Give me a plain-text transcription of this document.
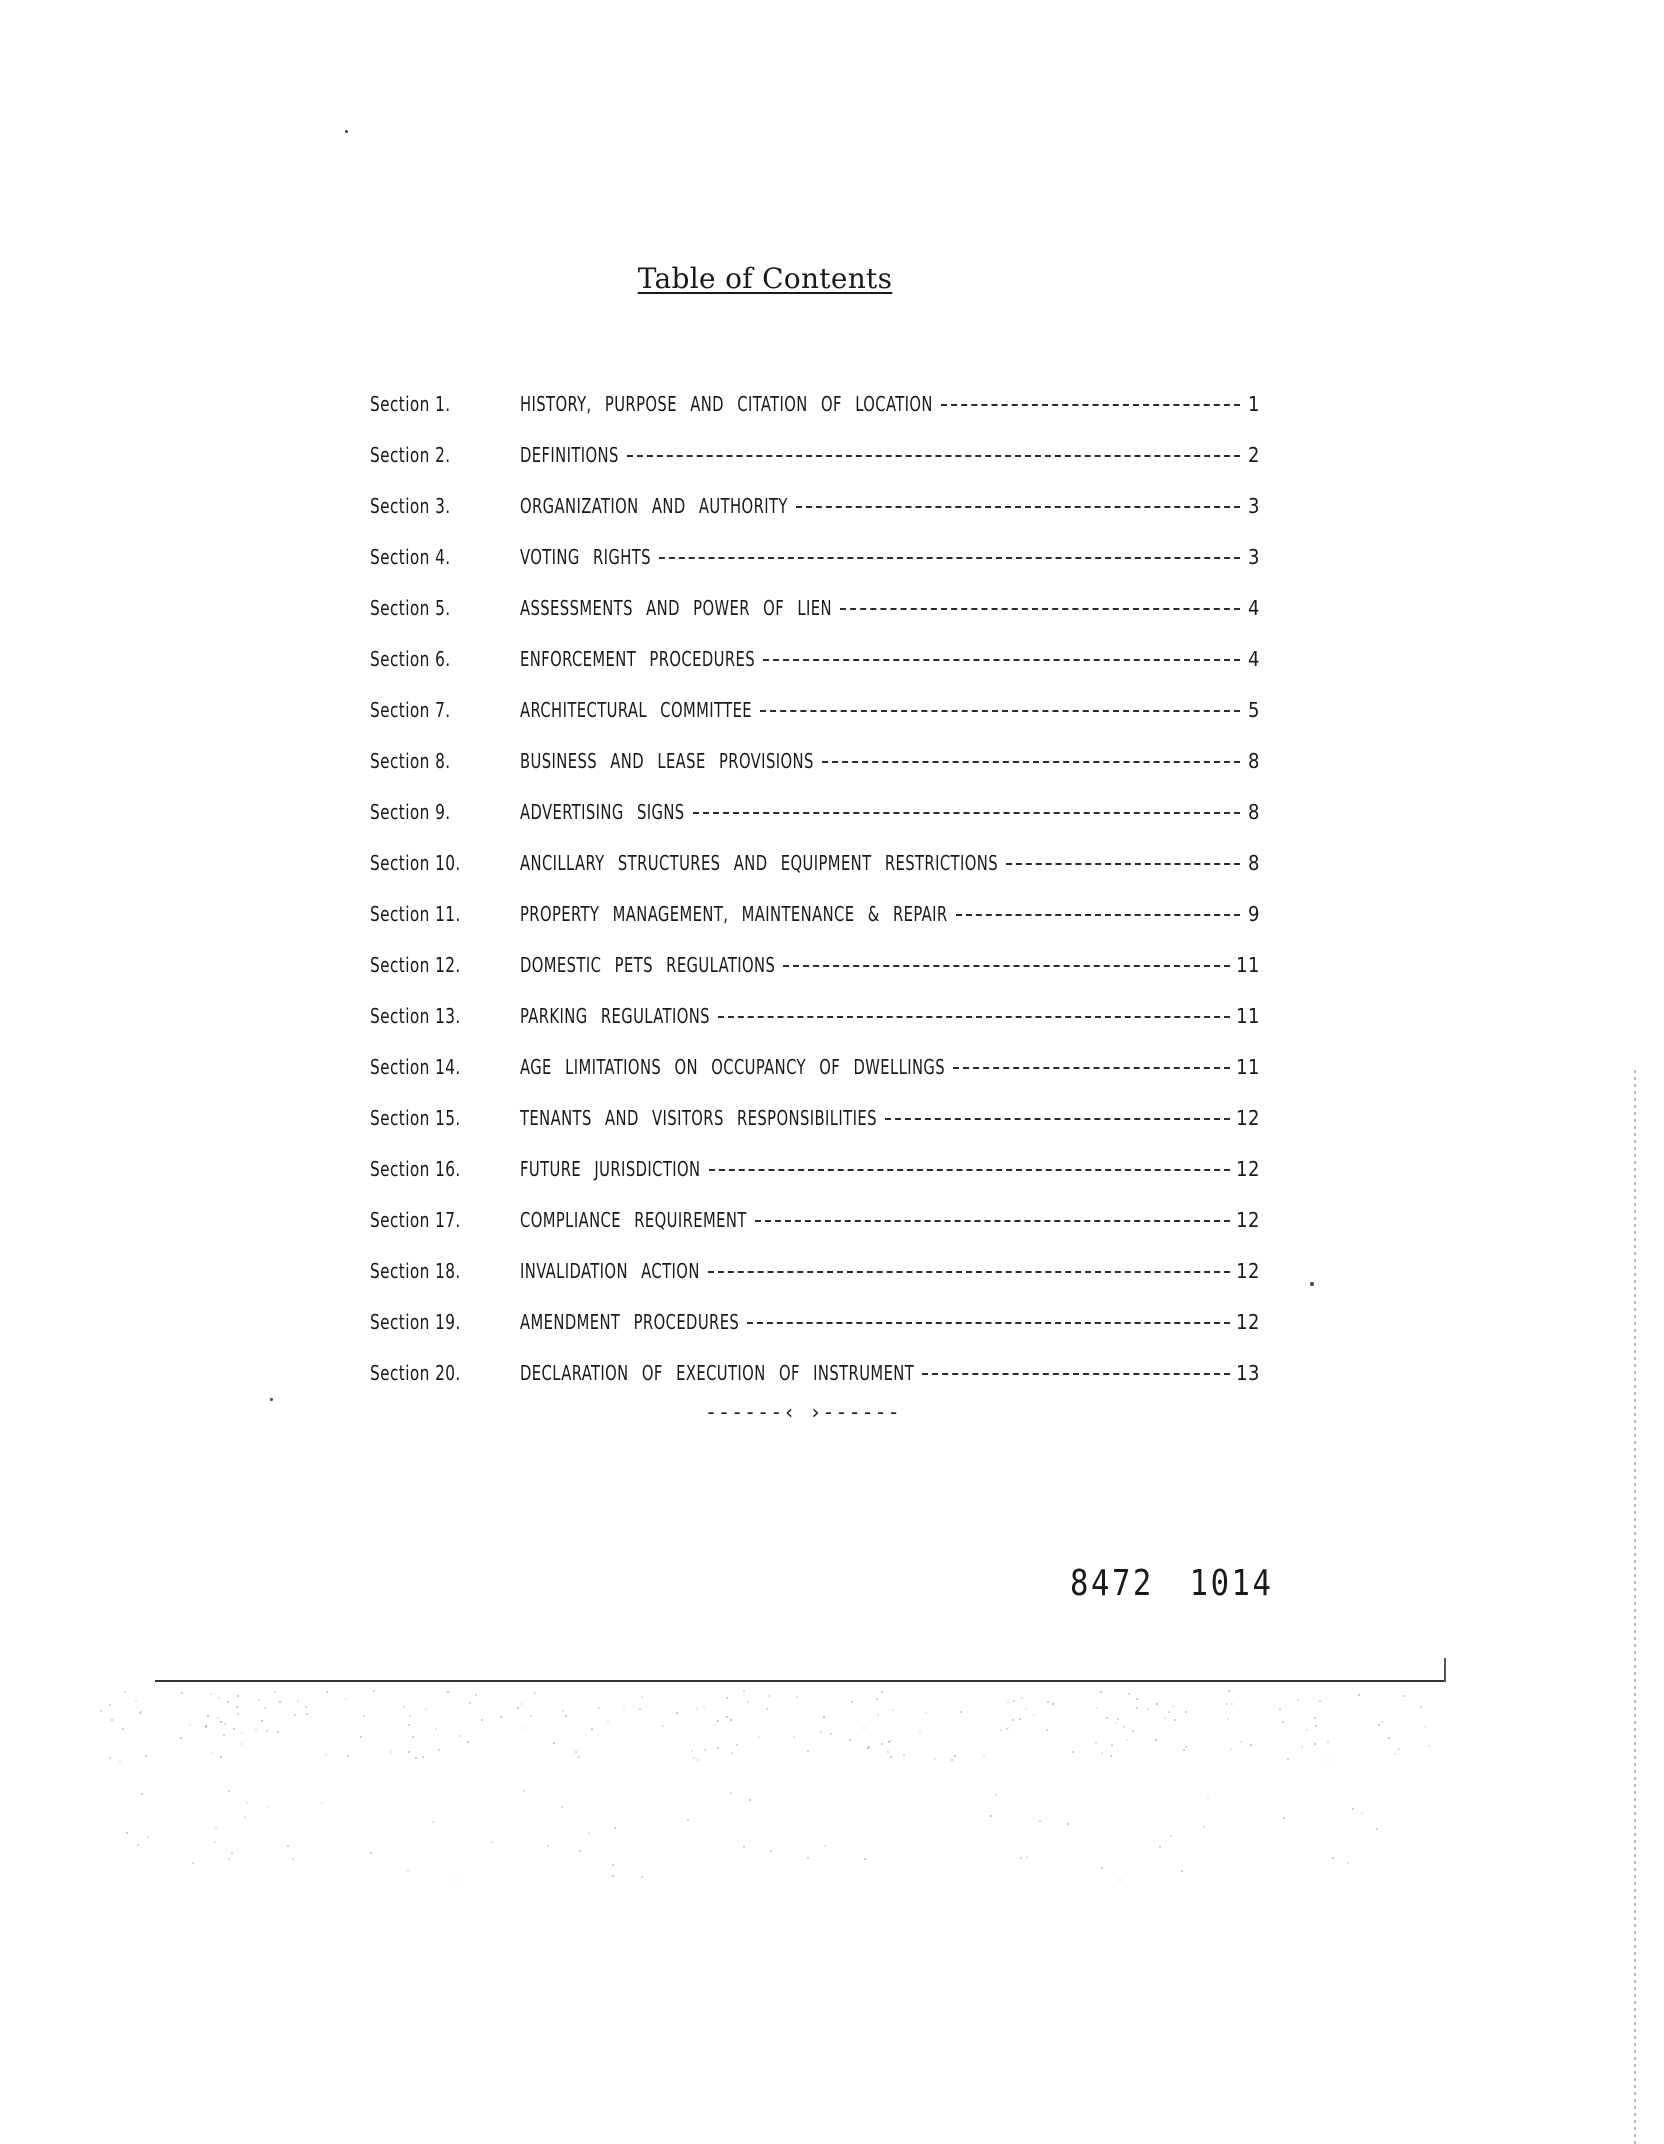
Table of Contents
Section 1.	HISTORY, PURPOSE AND CITATION OF LOCATION	1
Section 2.	DEFINITIONS	2
Section 3.	ORGANIZATION AND AUTHORITY	3
Section 4.	VOTING RIGHTS	3
Section 5.	ASSESSMENTS AND POWER OF LIEN	4
Section 6.	ENFORCEMENT PROCEDURES	4
Section 7.	ARCHITECTURAL COMMITTEE	5
Section 8.	BUSINESS AND LEASE PROVISIONS	8
Section 9.	ADVERTISING SIGNS	8
Section 10.	ANCILLARY STRUCTURES AND EQUIPMENT RESTRICTIONS	8
Section 11.	PROPERTY MANAGEMENT, MAINTENANCE & REPAIR	9
Section 12.	DOMESTIC PETS REGULATIONS	11
Section 13.	PARKING REGULATIONS	11
Section 14.	AGE LIMITATIONS ON OCCUPANCY OF DWELLINGS	11
Section 15.	TENANTS AND VISITORS RESPONSIBILITIES	12
Section 16.	FUTURE JURISDICTION	12
Section 17.	COMPLIANCE REQUIREMENT	12
Section 18.	INVALIDATION ACTION	12
Section 19.	AMENDMENT PROCEDURES	12
Section 20.	DECLARATION OF EXECUTION OF INSTRUMENT	13
------‹ ›------
8472 1014
